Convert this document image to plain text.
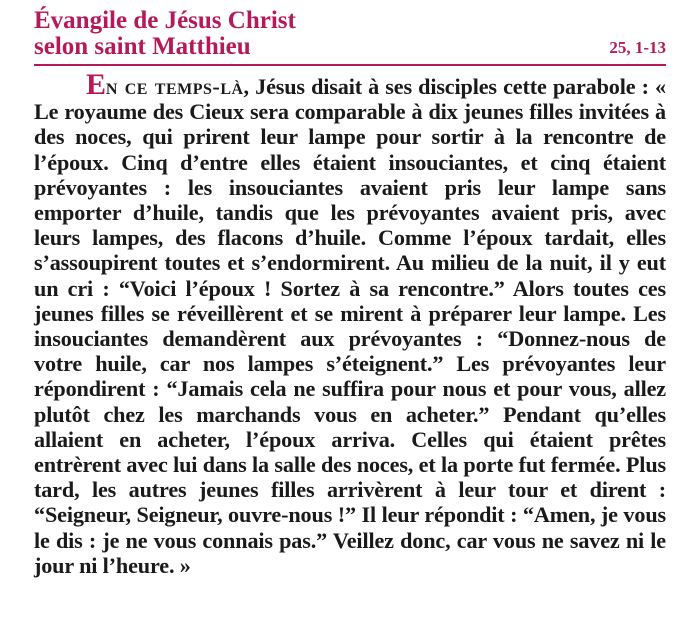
Évangile de Jésus Christ
selon saint Matthieu	25, 1-13

En ce temps-là, Jésus disait à ses disciples cette parabole : « Le royaume des Cieux sera comparable à dix jeunes filles invitées à des noces, qui prirent leur lampe pour sortir à la rencontre de l’époux. Cinq d’entre elles étaient insouciantes, et cinq étaient prévoyantes : les insouciantes avaient pris leur lampe sans emporter d’huile, tandis que les prévoyantes avaient pris, avec leurs lampes, des flacons d’huile. Comme l’époux tardait, elles s’assoupirent toutes et s’endormirent. Au milieu de la nuit, il y eut un cri : “Voici l’époux ! Sortez à sa rencontre.” Alors toutes ces jeunes filles se réveillèrent et se mirent à préparer leur lampe. Les insouciantes demandèrent aux prévoyantes : “Donnez-nous de votre huile, car nos lampes s’éteignent.” Les prévoyantes leur répondirent : “Jamais cela ne suffira pour nous et pour vous, allez plutôt chez les marchands vous en acheter.” Pendant qu’elles allaient en acheter, l’époux arriva. Celles qui étaient prêtes entrèrent avec lui dans la salle des noces, et la porte fut fermée. Plus tard, les autres jeunes filles arrivèrent à leur tour et dirent : “Seigneur, Seigneur, ouvre-nous !” Il leur répondit : “Amen, je vous le dis : je ne vous connais pas.” Veillez donc, car vous ne savez ni le jour ni l’heure. »
